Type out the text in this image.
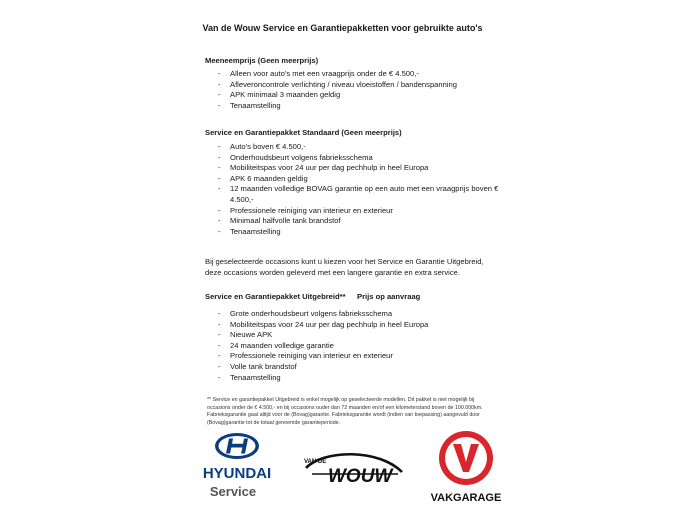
Van de Wouw Service en Garantiepakketten voor gebruikte auto's
Meeneemprijs (Geen meerprijs)
- Alleen voor auto's met een vraagprijs onder de € 4.500,-
- Afleveroncontrole verlichting / niveau vloeistoffen / bandenspanning
- APK minimaal 3 maanden geldig
- Tenaamstelling
Service en Garantiepakket Standaard (Geen meerprijs)
- Auto's boven € 4.500,-
- Onderhoudsbeurt volgens fabrieksschema
- Mobiliteitspas voor 24 uur per dag pechhulp in heel Europa
- APK 6 maanden geldig
- 12 maanden volledige BOVAG garantie op een auto met een vraagprijs boven € 4.500,-
- Professionele reiniging van interieur en exterieur
- Minimaal halfvolle tank brandstof
- Tenaamstelling
Bij geselecteerde occasions kunt u kiezen voor het Service en Garantie Uitgebreid, deze occasions worden geleverd met een langere garantie en extra service.
Service en Garantiepakket Uitgebreid** Prijs op aanvraag
- Grote onderhoudsbeurt volgens fabrieksschema
- Mobiliteitspas voor 24 uur per dag pechhulp in heel Europa
- Nieuwe APK
- 24 maanden volledige garantie
- Professionele reiniging van interieur en exterieur
- Volle tank brandstof
- Tenaamstelling
** Service en garantiepakket Uitgebreid is enkel mogelijk op geselecteerde modellen. Dit pakket is niet mogelijk bij occasions onder de € 4.500,- en bij occasions ouder dan 72 maanden en/of een kilometerstand boven de 100.000km. Fabrieksgarantie gaat altijd voor de (Bovag)garantie. Fabrieksgarantie wordt (indien van toepassing) aangevuld door (Bovag)garantie tot de totaal genoemde garantieperiode.
HYUNDAI
Service
VAN DE
WOUW
VAKGARAGE
